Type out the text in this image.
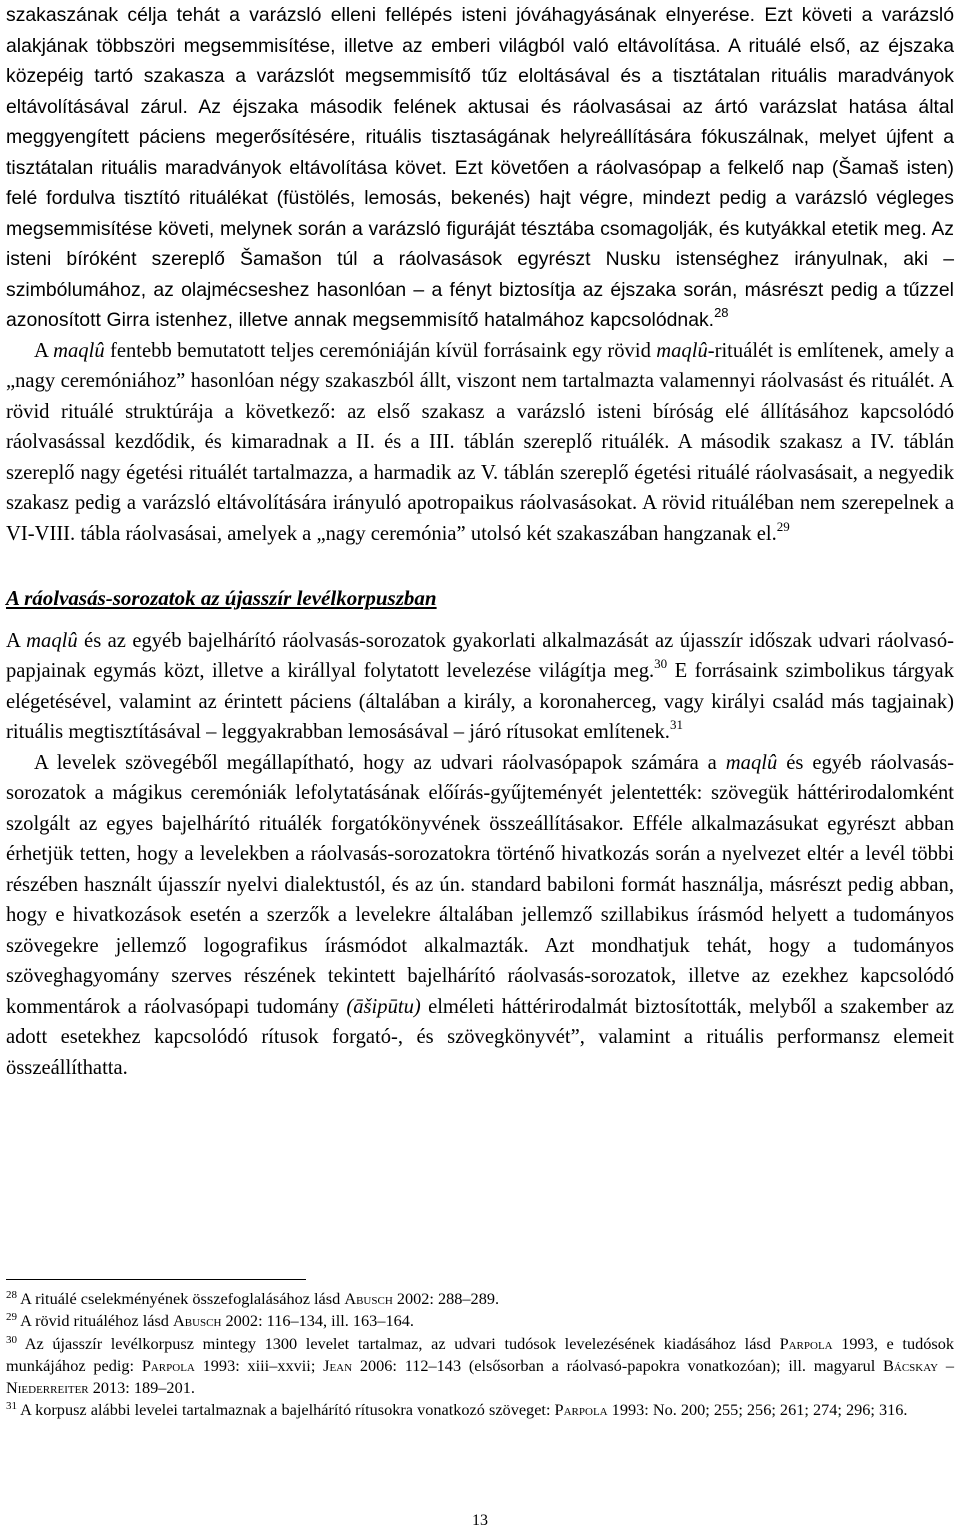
szakaszának célja tehát a varázsló elleni fellépés isteni jóváhagyásának elnyerése. Ezt követi a varázsló alakjának többszöri megsemmisítése, illetve az emberi világból való eltávolítása. A rituálé első, az éjszaka közepéig tartó szakasza a varázslót megsemmisítő tűz eloltásával és a tisztátalan rituális maradványok eltávolításával zárul. Az éjszaka második felének aktusai és ráolvasásai az ártó varázslat hatása által meggyengített páciens megerősítésére, rituális tisztaságának helyreállítására fókuszálnak, melyet újfent a tisztátalan rituális maradványok eltávolítása követ. Ezt követően a ráolvasópap a felkelő nap (Šamaš isten) felé fordulva tisztító rituálékat (füstölés, lemosás, bekenés) hajt végre, mindezt pedig a varázsló végleges megsemmisítése követi, melynek során a varázsló figuráját tésztába csomagolják, és kutyákkal etetik meg. Az isteni bíróként szereplő Šamašon túl a ráolvasások egyrészt Nusku istenséghez irányulnak, aki – szimbólumához, az olajmécseshez hasonlóan – a fényt biztosítja az éjszaka során, másrészt pedig a tűzzel azonosított Girra istenhez, illetve annak megsemmisítő hatalmához kapcsolódnak.$^{28}$

A maqlû fentebb bemutatott teljes ceremóniáján kívül forrásaink egy rövid maqlû-rituálét is említenek, amely a „nagy ceremóniához” hasonlóan négy szakaszból állt, viszont nem tartalmazta valamennyi ráolvasást és rituálét. A rövid rituálé struktúrája a következő: az első szakasz a varázsló isteni bíróság elé állításához kapcsolódó ráolvasással kezdődik, és kimaradnak a II. és a III. táblán szereplő rituálék. A második szakasz a IV. táblán szereplő nagy égetési rituálét tartalmazza, a harmadik az V. táblán szereplő égetési rituálé ráolvasásait, a negyedik szakasz pedig a varázsló eltávolítására irányuló apotropaikus ráolvasásokat. A rövid rituáléban nem szerepelnek a VI-VIII. tábla ráolvasásai, amelyek a „nagy ceremónia” utolsó két szakaszában hangzanak el.$^{29}$

A ráolvasás-sorozatok az újasszír levélkorpuszban

A maqlû és az egyéb bajelhárító ráolvasás-sorozatok gyakorlati alkalmazását az újasszír időszak udvari ráolvasó-papjainak egymás közt, illetve a királlyal folytatott levelezése világítja meg.$^{30}$ E forrásaink szimbolikus tárgyak elégetésével, valamint az érintett páciens (általában a király, a koronaherceg, vagy királyi család más tagjainak) rituális megtisztításával – leggyakrabban lemosásával – járó rítusokat említenek.$^{31}$

A levelek szövegéből megállapítható, hogy az udvari ráolvasópapok számára a maqlû és egyéb ráolvasás-sorozatok a mágikus ceremóniák lefolytatásának előírás-gyűjteményét jelentették: szövegük háttérirodalomként szolgált az egyes bajelhárító rituálék forgatókönyvének összeállításakor. Efféle alkalmazásukat egyrészt abban érhetjük tetten, hogy a levelekben a ráolvasás-sorozatokra történő hivatkozás során a nyelvezet eltér a levél többi részében használt újasszír nyelvi dialektustól, és az ún. standard babiloni formát használja, másrészt pedig abban, hogy e hivatkozások esetén a szerzők a levelekre általában jellemző szillabikus írásmód helyett a tudományos szövegekre jellemző logografikus írásmódot alkalmazták. Azt mondhatjuk tehát, hogy a tudományos szöveghagyomány szerves részének tekintett bajelhárító ráolvasás-sorozatok, illetve az ezekhez kapcsolódó kommentárok a ráolvasópapi tudomány (āšipūtu) elméleti háttérirodalmát biztosították, melyből a szakember az adott esetekhez kapcsolódó rítusok forgató-, és szövegkönyvét”, valamint a rituális performansz elemeit összeállíthatta.

$^{28}$ A rituálé cselekményének összefoglalásához lásd Abusch 2002: 288–289.

$^{29}$ A rövid rituáléhoz lásd Abusch 2002: 116–134, ill. 163–164.

$^{30}$ Az újasszír levélkorpusz mintegy 1300 levelet tartalmaz, az udvari tudósok levelezésének kiadásához lásd Parpola 1993, e tudósok munkájához pedig: Parpola 1993: xiii–xxvii; Jean 2006: 112–143 (elsősorban a ráolvasó-papokra vonatkozóan); ill. magyarul Bácskay – Niederreiter 2013: 189–201.

$^{31}$ A korpusz alábbi levelei tartalmaznak a bajelhárító rítusokra vonatkozó szöveget: Parpola 1993: No. 200; 255; 256; 261; 274; 296; 316.

13
